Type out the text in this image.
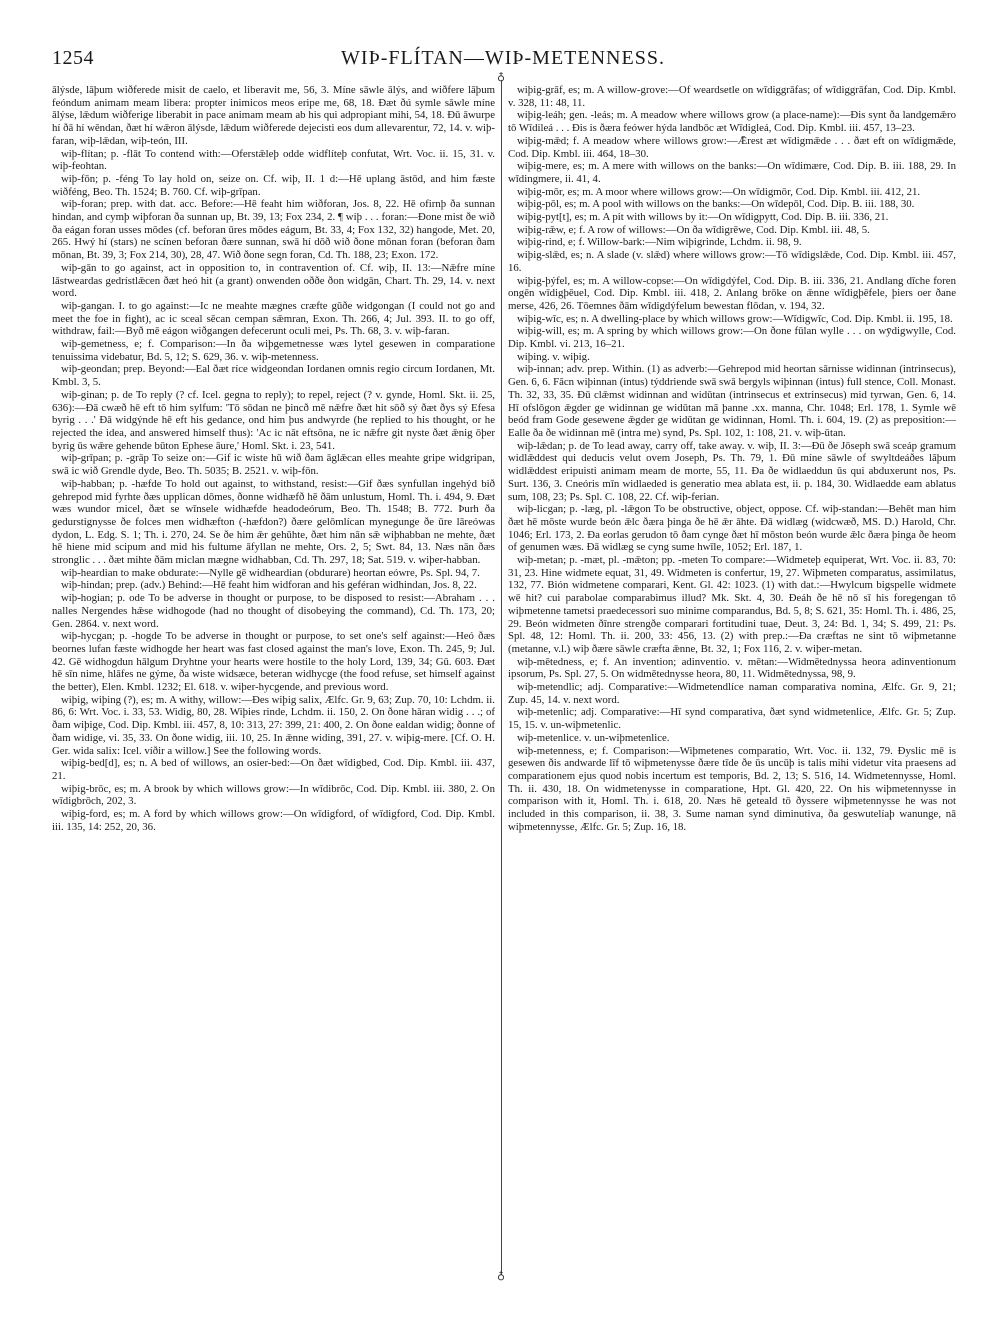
1254	WIÞ-FLÍTAN—WIÞ-METENNESS.
♁
♁

ālýsde, lāþum wiðferede misit de caelo, et liberavit me, 56, 3. Míne sāwle ālýs, and wiðfere lāþum feóndum animam meam libera: propter inimicos meos eripe me, 68, 18. Ðæt ðú symle sāwle míne ālýse, lǣdum wiðferige liberabit in pace animam meam ab his qui adpropiant mihi, 54, 18. Ðū āwurpe hí ðā hí wēndan, ðæt hí wǣron ālýsde, lǣdum wiðferede dejecisti eos dum allevarentur, 72, 14. v. wiþ-faran, wiþ-lǣdan, wiþ-teón, III.

wiþ-flítan; p. -flāt To contend with:—Oferstǣleþ odde widflíteþ confutat, Wrt. Voc. ii. 15, 31. v. wiþ-feohtan.

wiþ-fōn; p. -féng To lay hold on, seize on. Cf. wiþ, II. 1 d:—Hē uplang āstōd, and him fæste wiðféng, Beo. Th. 1524; B. 760. Cf. wiþ-grīpan.

wiþ-foran; prep. with dat. acc. Before:—Hē feaht him wiðforan, Jos. 8, 22. Hē ofirnþ ða sunnan hindan, and cymþ wiþforan ða sunnan up, Bt. 39, 13; Fox 234, 2. ¶ wiþ . . . foran:—Ðone mist ðe wið ða eágan foran usses mōdes (cf. beforan ūres mōdes eágum, Bt. 33, 4; Fox 132, 32) hangode, Met. 20, 265. Hwý hí (stars) ne scínen beforan ðære sunnan, swā hí dōð wið ðone mōnan foran (beforan ðam mōnan, Bt. 39, 3; Fox 214, 30), 28, 47. Wið ðone segn foran, Cd. Th. 188, 23; Exon. 172.

wiþ-gān to go against, act in opposition to, in contravention of. Cf. wiþ, II. 13:—Nǣfre míne lāstweardas gedrístlǣcen ðæt heó hit (a grant) onwenden oððe ðon widgān, Chart. Th. 29, 14. v. next word.

wiþ-gangan. I. to go against:—Ic ne meahte mægnes cræfte gūðe widgongan (I could not go and meet the foe in fight), ac ic sceal sēcan cempan sǣmran, Exon. Th. 266, 4; Jul. 393. II. to go off, withdraw, fail:—Byð mē eágon wiðgangen defecerunt oculi mei, Ps. Th. 68, 3. v. wiþ-faran.

wiþ-gemetness, e; f. Comparison:—In ða wiþgemetnesse wæs lytel gesewen in comparatione tenuissima videbatur, Bd. 5, 12; S. 629, 36. v. wiþ-metenness.

wiþ-geondan; prep. Beyond:—Eal ðæt ríce widgeondan Iordanen omnis regio circum Iordanen, Mt. Kmbl. 3, 5.

wiþ-ginan; p. de To reply (? cf. Icel. gegna to reply); to repel, reject (? v. gynde, Homl. Skt. ii. 25, 636):—Ðā cwæð hē eft tō him sylfum: 'Tō sōdan ne þincð mē nǣfre ðæt hit sōð sý ðæt ðys sý Efesa byrig . . .' Ðā widgýnde hē eft his gedance, ond him þus andwyrde (he replied to his thought, or he rejected the idea, and answered himself thus): 'Ac ic nāt eftsōna, ne ic nǣfre git nyste ðæt ǣnig ōþer byrig ūs wǣre gehende būton Ephese āure,' Homl. Skt. i. 23, 541.

wiþ-grīpan; p. -grāp To seize on:—Gif ic wiste hū wið ðam āglǣcan elles meahte gripe widgripan, swā ic wið Grendle dyde, Beo. Th. 5035; B. 2521. v. wiþ-fōn.

wiþ-habban; p. -hæfde To hold out against, to withstand, resist:—Gif ðæs synfullan ingehýd bið gehrepod mid fyrhte ðæs upplican dōmes, ðonne widhæfð hē ðām unlustum, Homl. Th. i. 494, 9. Ðæt wæs wundor micel, ðæt se wīnsele widhæfde headodeórum, Beo. Th. 1548; B. 772. Þurh ða gedurstignysse ðe folces men widhæfton (-hæfdon?) ðære gelōmlícan mynegunge ðe ūre lāreówas dydon, L. Edg. S. 1; Th. i. 270, 24. Se ðe him ǣr gehūhte, ðæt him nān sǣ wiþhabban ne mehte, ðæt hē hiene mid scipum and mid his fultume āfyllan ne mehte, Ors. 2, 5; Swt. 84, 13. Næs nān ðæs stronglic . . . ðæt mihte ðām miclan mægne widhabban, Cd. Th. 297, 18; Sat. 519. v. wiþer-habban.

wiþ-heardian to make obdurate:—Nylle gē widheardian (obdurare) heortan eówre, Ps. Spl. 94, 7.

wiþ-hindan; prep. (adv.) Behind:—Hē feaht him widforan and his geféran widhindan, Jos. 8, 22.

wiþ-hogian; p. ode To be adverse in thought or purpose, to be disposed to resist:—Abraham . . . nalles Nergendes hǣse widhogode (had no thought of disobeying the command), Cd. Th. 173, 20; Gen. 2864. v. next word.

wiþ-hycgan; p. -hogde To be adverse in thought or purpose, to set one's self against:—Heó ðæs beornes lufan fæste widhogde her heart was fast closed against the man's love, Exon. Th. 245, 9; Jul. 42. Gē widhogdun hālgum Dryhtne your hearts were hostile to the holy Lord, 139, 34; Gū. 603. Ðæt hē sīn nime, hlāfes ne gýme, ða wiste widsæce, beteran widhycgе (the food refuse, set himself against the better), Elen. Kmbl. 1232; El. 618. v. wiþer-hycgende, and previous word.

wiþig, wiþing (?), es; m. A withy, willow:—Ðes wiþig salix, Ælfc. Gr. 9, 63; Zup. 70, 10: Lchdm. ii. 86, 6: Wrt. Voc. i. 33, 53. Widig, 80, 28. Wiþies rinde, Lchdm. ii. 150, 2. On ðone hāran widig . . .; of ðam wiþige, Cod. Dip. Kmbl. iii. 457, 8, 10: 313, 27: 399, 21: 400, 2. On ðone ealdan widig; ðonne of ðam widige, vi. 35, 33. On ðone widig, iii. 10, 25. In ǣnne widing, 391, 27. v. wiþig-mere. [Cf. O. H. Ger. wida salix: Icel. víðir a willow.] See the following words.

wiþig-bed[d], es; n. A bed of willows, an osier-bed:—On ðæt wīdigbed, Cod. Dip. Kmbl. iii. 437, 21.

wiþig-brōc, es; m. A brook by which willows grow:—In wīdibrōc, Cod. Dip. Kmbl. iii. 380, 2. On wīdigbrōch, 202, 3.

wiþig-ford, es; m. A ford by which willows grow:—On wīdigford, of wīdigford, Cod. Dip. Kmbl. iii. 135, 14: 252, 20, 36.

wiþig-grāf, es; m. A willow-grove:—Of weardsetle on wīdiggrāfas; of wīdiggrāfan, Cod. Dip. Kmbl. v. 328, 11: 48, 11.

wiþig-leáh; gen. -leás; m. A meadow where willows grow (a place-name):—Ðis synt ða landgemǣro tō Wīdileá . . . Ðis is ðæra feówer hýda landbōc æt Wīdigleá, Cod. Dip. Kmbl. iii. 457, 13–23.

wiþig-mǣd; f. A meadow where willows grow:—Ǣrest æt wīdigmǣde . . . ðæt eft on wīdigmǣde, Cod. Dip. Kmbl. iii. 464, 18–30.

wiþig-mere, es; m. A mere with willows on the banks:—On wīdimære, Cod. Dip. B. iii. 188, 29. In wīdingmere, ii. 41, 4.

wiþig-mōr, es; m. A moor where willows grow:—On wīdigmōr, Cod. Dip. Kmbl. iii. 412, 21.

wiþig-pōl, es; m. A pool with willows on the banks:—On wīdepōl, Cod. Dip. B. iii. 188, 30.

wiþig-pyt[t], es; m. A pit with willows by it:—On wīdigpytt, Cod. Dip. B. iii. 336, 21.

wiþig-rǣw, e; f. A row of willows:—On ða wīdigrēwe, Cod. Dip. Kmbl. iii. 48, 5.

wiþig-rind, e; f. Willow-bark:—Nim wiþigrinde, Lchdm. ii. 98, 9.

wiþig-slǣd, es; n. A slade (v. slǣd) where willows grow:—Tō wīdigslǣde, Cod. Dip. Kmbl. iii. 457, 16.

wiþig-þýfel, es; m. A willow-copse:—On wīdigdýfel, Cod. Dip. B. iii. 336, 21. Andlang dīche foren ongēn wīdigþēuel, Cod. Dip. Kmbl. iii. 418, 2. Anlang brōke on ǣnne wīdigþēfele, þiers oer ðane merse, 426, 26. Tōemnes ðām wīdigdýfelum bewestan flōdan, v. 194, 32.

wiþig-wīc, es; n. A dwelling-place by which willows grow:—Wīdigwīc, Cod. Dip. Kmbl. ii. 195, 18.

wiþig-will, es; m. A spring by which willows grow:—On ðone fūlan wylle . . . on wȳdigwylle, Cod. Dip. Kmbl. vi. 213, 16–21.

wiþing. v. wiþig.

wiþ-innan; adv. prep. Within. (1) as adverb:—Gehrepod mid heortan sārnisse widinnan (intrinsecus), Gen. 6, 6. Fācn wiþinnan (intus) týddriende swā swā bergyls wiþinnan (intus) full stence, Coll. Monast. Th. 32, 33, 35. Ðū clǣmst widinnan and widūtan (intrinsecus et extrinsecus) mid tyrwan, Gen. 6, 14. Hī ofslōgon ǣgder ge widinnan ge widūtan mā þanne .xx. manna, Chr. 1048; Erl. 178, 1. Symle wē beód fram Gode gesewene ǣgder ge widūtan ge widinnan, Homl. Th. i. 604, 19. (2) as preposition:—Ealle ða ðe widinnan mē (intra me) synd, Ps. Spl. 102, 1: 108, 21. v. wiþ-ūtan.

wiþ-lǣdan; p. de To lead away, carry off, take away. v. wiþ, II. 3:—Ðū ðe Jōseph swā sceáp gramum widlǣddest qui deducis velut ovem Joseph, Ps. Th. 79, 1. Ðū míne sāwle of swyltdeáðes lāþum widlǣddest eripuisti animam meam de morte, 55, 11. Ða ðe widlaeddun ūs qui abduxerunt nos, Ps. Surt. 136, 3. Cneóris mīn widlaeded is generatio mea ablata est, ii. p. 184, 30. Widlaedde eam ablatus sum, 108, 23; Ps. Spl. C. 108, 22. Cf. wiþ-ferian.

wiþ-licgan; p. -læg, pl. -lǣgon To be obstructive, object, oppose. Cf. wiþ-standan:—Behēt man him ðæt hē mōste wurde beón ǣlc ðæra þinga ðe hē ǣr āhte. Ðā widlæg (widcwæð, MS. D.) Harold, Chr. 1046; Erl. 173, 2. Ða eorlas gerudon tō ðam cynge ðæt hī mōston beón wurde ǣlc ðæra þinga ðe heom of genumen wæs. Ðā widlæg se cyng sume hwīle, 1052; Erl. 187, 1.

wiþ-metan; p. -mæt, pl. -mǣton; pp. -meten To compare:—Widmeteþ equiperat, Wrt. Voc. ii. 83, 70: 31, 23. Hine widmete equat, 31, 49. Widmeten is confertur, 19, 27. Wiþmeten comparatus, assimilatus, 132, 77. Bión widmetene comparari, Kent. Gl. 42: 1023. (1) with dat.:—Hwylcum bigspelle widmete wē hit? cui parabolae comparabimus illud? Mk. Skt. 4, 30. Ðeáh ðe hē nō sī his foregengan tō wiþmetenne tametsi praedecessori suo minime comparandus, Bd. 5, 8; S. 621, 35: Homl. Th. i. 486, 25, 29. Beón widmeten ðīnre strengðe comparari fortitudini tuae, Deut. 3, 24: Bd. 1, 34; S. 499, 21: Ps. Spl. 48, 12: Homl. Th. ii. 200, 33: 456, 13. (2) with prep.:—Ða cræftas ne sint tō wiþmetanne (metanne, v.l.) wiþ ðære sāwle cræfta ǣnne, Bt. 32, 1; Fox 116, 2. v. wiþer-metan.

wiþ-mētedness, e; f. An invention; adinventio. v. mētan:—Widmētednyssa heora adinventionum ipsorum, Ps. Spl. 27, 5. On widmētednysse heora, 80, 11. Widmētednyssa, 98, 9.

wiþ-metendlic; adj. Comparative:—Widmetendlíce naman comparativa nomina, Ælfc. Gr. 9, 21; Zup. 45, 14. v. next word.

wiþ-metenlic; adj. Comparative:—Hī synd comparativa, ðæt synd widmetenlice, Ælfc. Gr. 5; Zup. 15, 15. v. un-wiþmetenlic.

wiþ-metenlice. v. un-wiþmetenlice.

wiþ-metenness, e; f. Comparison:—Wiþmetenes comparatio, Wrt. Voc. ii. 132, 79. Ðyslic mē is gesewen ðis andwarde līf tō wiþmetenysse ðære tīde ðe ūs uncūþ is talis mihi videtur vita praesens ad comparationem ejus quod nobis incertum est temporis, Bd. 2, 13; S. 516, 14. Widmetennysse, Homl. Th. ii. 430, 18. On widmetenysse in comparatione, Hpt. Gl. 420, 22. On his wiþmetennysse in comparison with it, Homl. Th. i. 618, 20. Næs hē geteald tō ðyssere wiþmetennysse he was not included in this comparison, ii. 38, 3. Sume naman synd diminutiva, ða geswutelíaþ wanunge, nā wiþmetennysse, Ælfc. Gr. 5; Zup. 16, 18.
